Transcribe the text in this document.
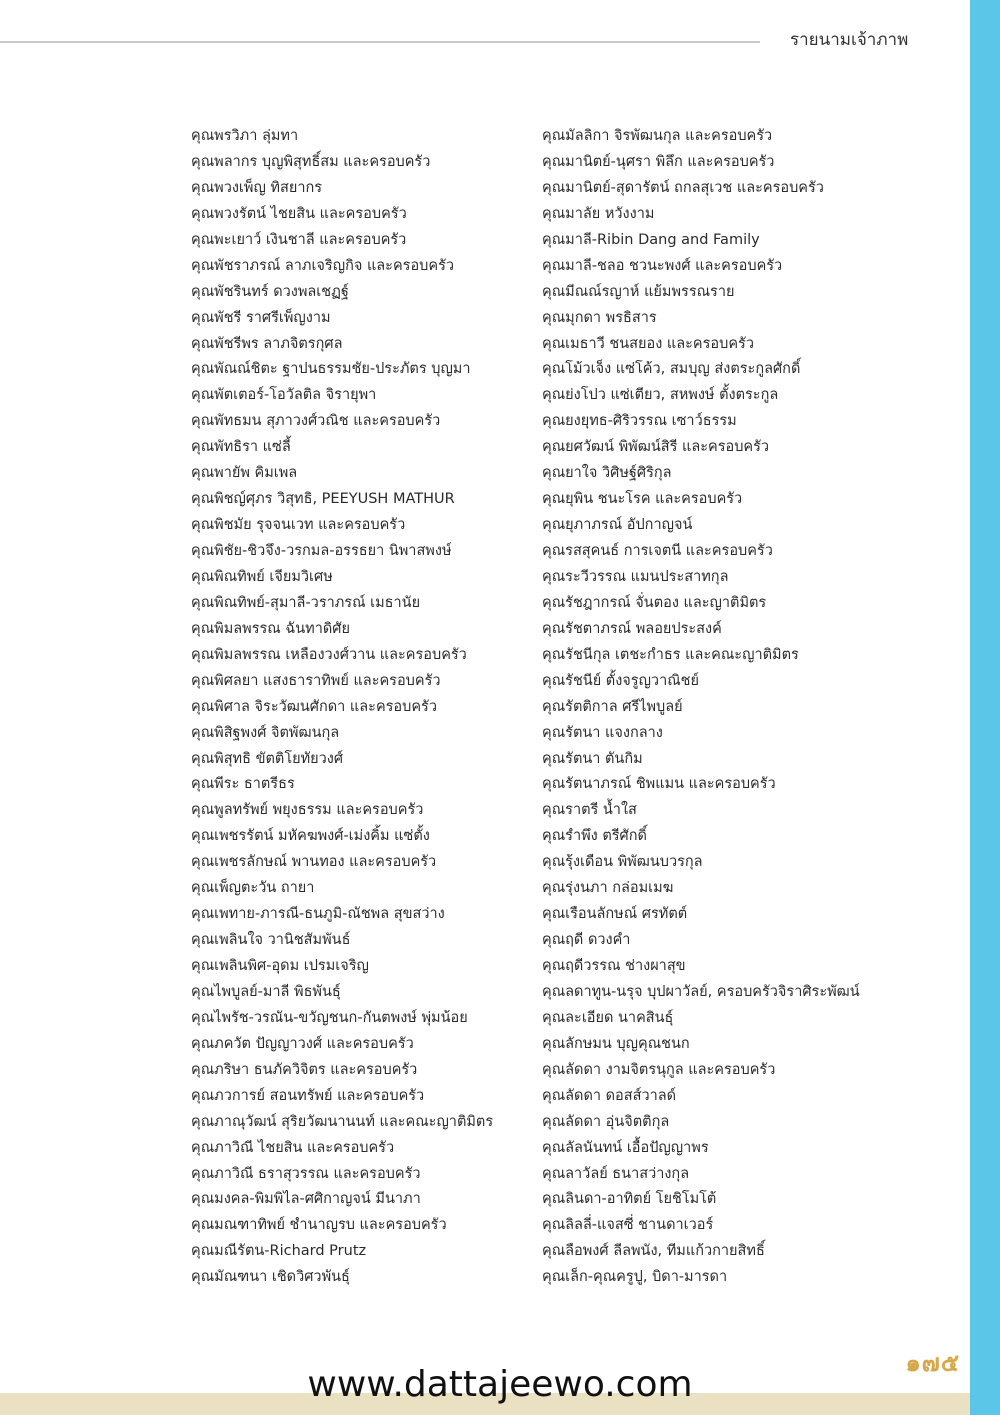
รายนามเจ้าภาพ
คุณพรวิภา ลุ่มทา
คุณพลากร บุญพิสุทธิ์สม และครอบครัว
คุณพวงเพ็ญ ทิสยากร
คุณพวงรัตน์ ไชยสิน และครอบครัว
คุณพะเยาว์ เงินชาลี และครอบครัว
คุณพัชราภรณ์ ลาภเจริญกิจ และครอบครัว
คุณพัชรินทร์ ดวงพลเชฏฐ์
คุณพัชรี ราศรีเพ็ญงาม
คุณพัชรีพร ลาภจิตรกุศล
คุณพัณณ์ชิตะ ฐาปนธรรมชัย-ประภัตร บุญมา
คุณพัตเตอร์-โอวัลติล จิรายุพา
คุณพัทธมน สุภาวงศ์วณิช และครอบครัว
คุณพัทธิรา แซ่ลี้
คุณพายัพ คิมเพล
คุณพิชญ์ศุภร วิสุทธิ, PEEYUSH MATHUR
คุณพิชมัย รุจจนเวท และครอบครัว
คุณพิชัย-ชิวจึง-วรกมล-อรรธยา นิพาสพงษ์
คุณพิณทิพย์ เจียมวิเศษ
คุณพิณทิพย์-สุมาลี-วราภรณ์ เมธานัย
คุณพิมลพรรณ ฉันทาดิศัย
คุณพิมลพรรณ เหลืองวงศ์วาน และครอบครัว
คุณพิศลยา แสงธาราทิพย์ และครอบครัว
คุณพิศาล จิระวัฒนศักดา และครอบครัว
คุณพิสิฐพงศ์ จิตพัฒนกุล
คุณพิสุทธิ ขัตติโยทัยวงศ์
คุณพีระ ธาตรีธร
คุณพูลทรัพย์ พยุงธรรม และครอบครัว
คุณเพชรรัตน์ มหัคฆพงศ์-เม่งคิ้ม แซ่ตั้ง
คุณเพชรลักษณ์ พานทอง และครอบครัว
คุณเพ็ญตะวัน ถายา
คุณเพทาย-ภารณี-ธนภูมิ-ณัชพล สุขสว่าง
คุณเพลินใจ วานิชสัมพันธ์
คุณเพลินพิศ-อุดม เปรมเจริญ
คุณไพบูลย์-มาลี พิธพันธุ์
คุณไพรัช-วรณัน-ขวัญชนก-กันตพงษ์ พุ่มน้อย
คุณภควัต ปัญญาวงศ์ และครอบครัว
คุณภริษา ธนภัควิจิตร และครอบครัว
คุณภวการย์ สอนทรัพย์ และครอบครัว
คุณภาณุวัฒน์ สุริยวัฒนานนท์ และคณะญาติมิตร
คุณภาวิณี ไชยสิน และครอบครัว
คุณภาวิณี ธราสุวรรณ และครอบครัว
คุณมงคล-พิมพิไล-ศศิกาญจน์ มีนาภา
คุณมณฑาทิพย์ ชำนาญรบ และครอบครัว
คุณมณีรัตน-Richard Prutz
คุณมัณฑนา เชิดวิศวพันธุ์
คุณมัลลิกา จิรพัฒนกุล และครอบครัว
คุณมานิตย์-นุศรา พิลึก และครอบครัว
คุณมานิตย์-สุดารัตน์ ถกลสุเวช และครอบครัว
คุณมาลัย หวังงาม
คุณมาลี-Ribin Dang and Family
คุณมาลี-ชลอ ชวนะพงศ์ และครอบครัว
คุณมีณณ์รญาห์ แย้มพรรณราย
คุณมุกดา พรธิสาร
คุณเมธาวี ชนสยอง และครอบครัว
คุณโม้วเจ็ง แซ่โค้ว, สมบุญ ส่งตระกูลศักดิ์
คุณย่งโปว แซ่เตียว, สหพงษ์ ตั้งตระกูล
คุณยงยุทธ-ศิริวรรณ เซาว์ธรรม
คุณยศวัฒน์ พิพัฒน์สิรี และครอบครัว
คุณยาใจ วิศิษฐ์ศิริกุล
คุณยุพิน ชนะโรค และครอบครัว
คุณยุภาภรณ์ อัปกาญจน์
คุณรสสุคนธ์ การเจตนี และครอบครัว
คุณระวีวรรณ แมนประสาทกุล
คุณรัชฎากรณ์ จั่นตอง และญาติมิตร
คุณรัชตาภรณ์ พลอยประสงค์
คุณรัชนีกุล เตชะกำธร และคณะญาติมิตร
คุณรัชนีย์ ตั้งจรูญวาณิชย์
คุณรัตติกาล ศรีไพบูลย์
คุณรัตนา แจงกลาง
คุณรัตนา ตันกิม
คุณรัตนาภรณ์ ชิพแมน และครอบครัว
คุณราตรี น้ำใส
คุณรำพึง ตรีศักดิ์
คุณรุ้งเดือน พิพัฒนบวรกุล
คุณรุ่งนภา กล่อมเมฆ
คุณเรือนลักษณ์ ศรทัตต์
คุณฤดี ดวงคำ
คุณฤดีวรรณ ช่างผาสุข
คุณลดาทูน-นรุจ บุปผาวัลย์, ครอบครัวจิราศิระพัฒน์
คุณละเอียด นาคสินธุ์
คุณลักษมน บุญคุณชนก
คุณลัดดา งามจิตรนุกูล และครอบครัว
คุณลัดดา ดอสส์วาลด์
คุณลัดดา อุ่นจิตติกุล
คุณลัลนันทน์ เอื้อปัญญาพร
คุณลาวัลย์ ธนาสว่างกุล
คุณลินดา-อาทิตย์ โยชิโมโต้
คุณลิลลี่-แจสซี่ ชานดาเวอร์
คุณลือพงศ์ ลีลพนัง, ทีมแก้วกายสิทธิ์
คุณเล็ก-คุณครูปู, บิดา-มารดา
๑๗๕
www.dattajeewo.com
